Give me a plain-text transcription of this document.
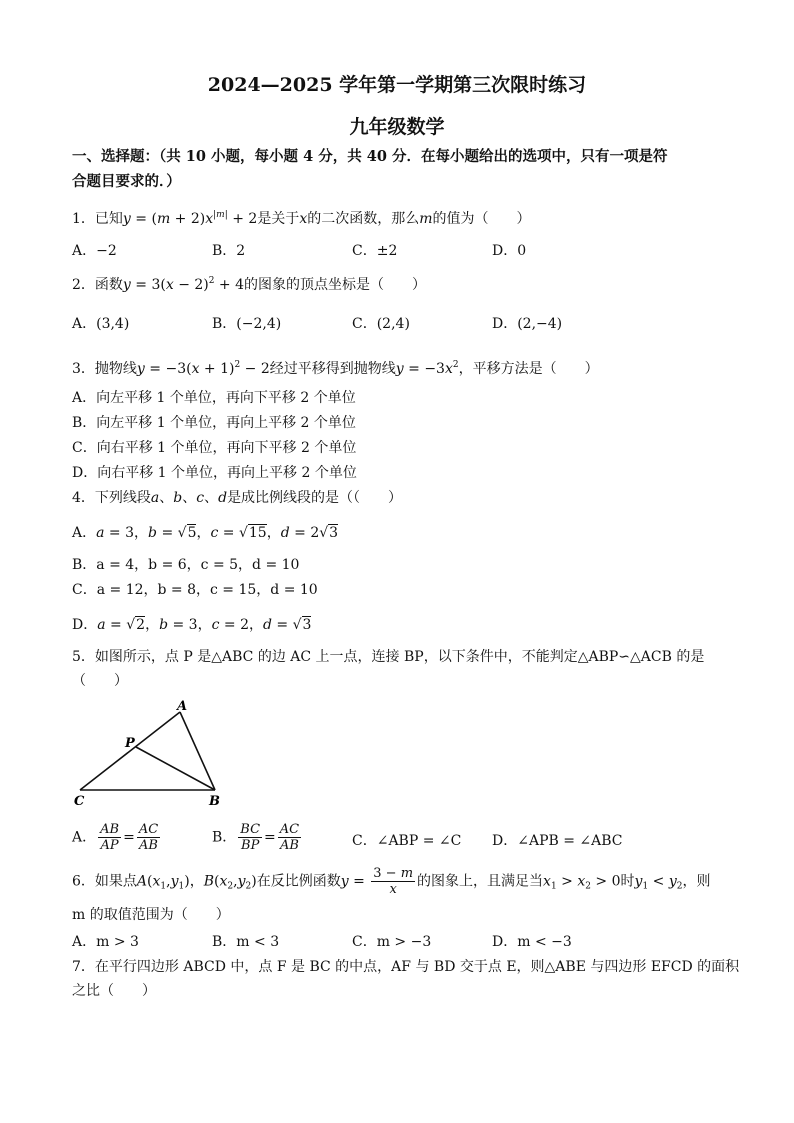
2024—2025 学年第一学期第三次限时练习
九年级数学
一、选择题：（共 10 小题，每小题 4 分，共 40 分．在每小题给出的选项中，只有一项是符
合题目要求的．）
1．已知$y = (m + 2)x^{|m|} + 2$是关于x的二次函数，那么m的值为（　　）
A．−2	B．2	C．±2	D．0
2．函数$y = 3(x - 2)^2 + 4$的图象的顶点坐标是（　　）
A．(3,4)	B．(−2,4)	C．(2,4)	D．(2,−4)
3．抛物线$y = -3(x + 1)^2 - 2$经过平移得到抛物线$y = -3x^2$，平移方法是（　　）
A．向左平移 1 个单位，再向下平移 2 个单位
B．向左平移 1 个单位，再向上平移 2 个单位
C．向右平移 1 个单位，再向下平移 2 个单位
D．向右平移 1 个单位，再向上平移 2 个单位
4．下列线段a、b、c、d是成比例线段的是（（　　）
A．a = 3，b = √5，c = √15，d = 2√3
B．a = 4，b = 6，c = 5，d = 10
C．a = 12，b = 8，c = 15，d = 10
D．a = √2，b = 3，c = 2，d = √3
5．如图所示，点 P 是△ABC 的边 AC 上一点，连接 BP，以下条件中，不能判定△ABP∽△ACB 的是
（　　）
A
P
C	B
A． $\frac{AB}{AP} = \frac{AC}{AB}$	B． $\frac{BC}{BP} = \frac{AC}{AB}$	C．∠ABP = ∠C D．∠APB = ∠ABC
6．如果点$A(x_1,y_1)$，$B(x_2,y_2)$在反比例函数$y = \frac{3 - m}{x}$ 的图象上，且满足当$x_1 > x_2 > 0$时$y_1 < y_2$，则
m 的取值范围为（　　）
A．m > 3	B．m < 3	C．m > −3	D．m < −3
7．在平行四边形 ABCD 中，点 F 是 BC 的中点，AF 与 BD 交于点 E，则△ABE 与四边形 EFCD 的面积
之比（　　）
